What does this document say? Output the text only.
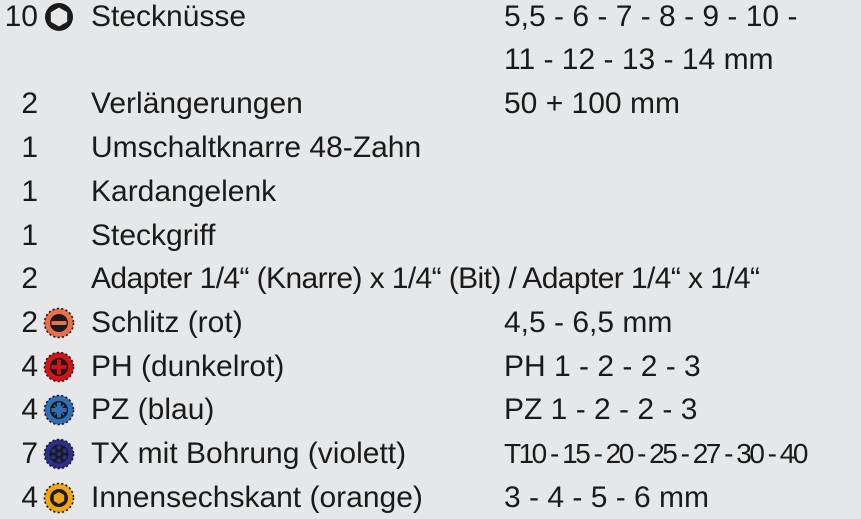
10 Stecknüsse	5,5 - 6 - 7 - 8 - 9 - 10 -
11 - 12 - 13 - 14 mm
2 Verlängerungen	50 + 100 mm
1 Umschaltknarre 48-Zahn
1 Kardangelenk
1 Steckgriff
2 Adapter 1/4“ (Knarre) x 1/4“ (Bit) / Adapter 1/4“ x 1/4“
2 Schlitz (rot)	4,5 - 6,5 mm
4 PH (dunkelrot)	PH 1 - 2 - 2 - 3
4 PZ (blau)	PZ 1 - 2 - 2 - 3
7 TX mit Bohrung (violett)	T10 - 15 - 20 - 25 - 27 - 30 - 40
4 Innensechskant (orange)	3 - 4 - 5 - 6 mm
